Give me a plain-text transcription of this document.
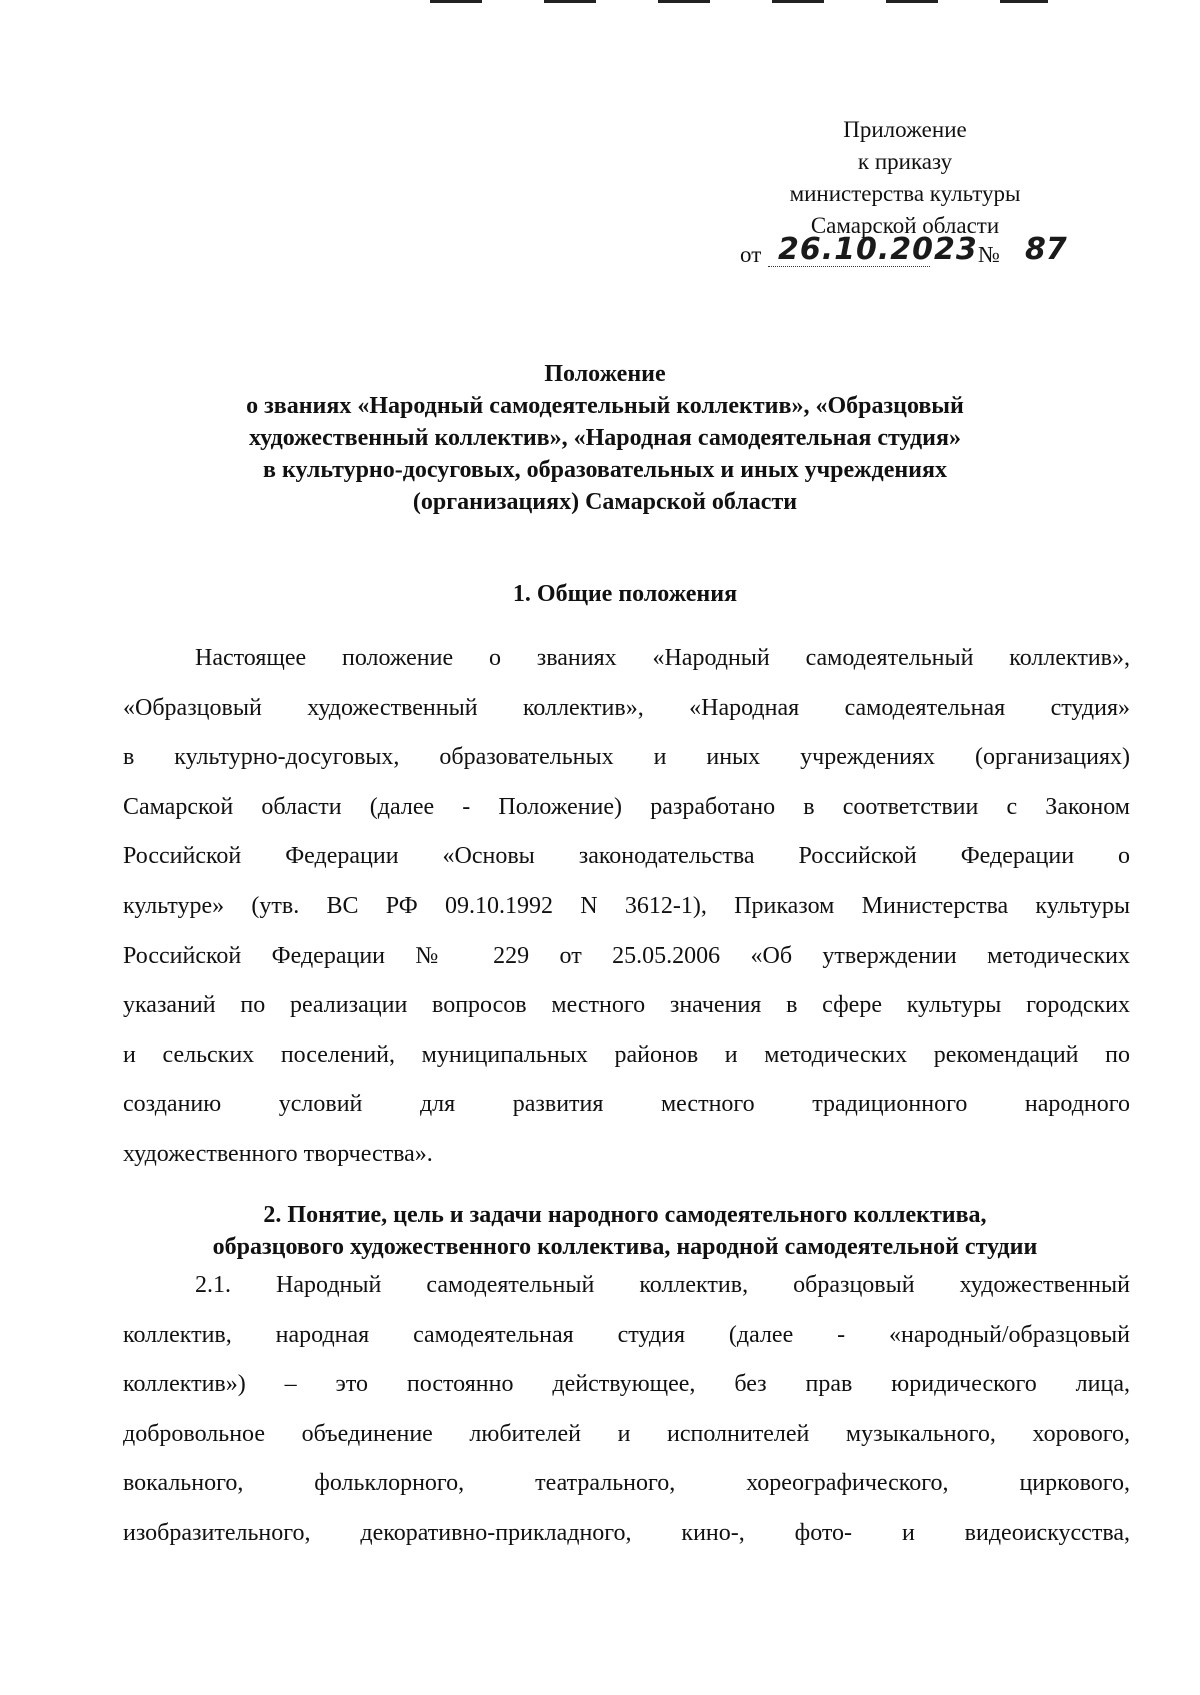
Приложение
к приказу
министерства культуры
Самарской области
от 26.10.2023 № 87
Положение
о званиях «Народный самодеятельный коллектив», «Образцовый
художественный коллектив», «Народная самодеятельная студия»
в культурно-досуговых, образовательных и иных учреждениях
(организациях) Самарской области
1. Общие положения
Настоящее положение о званиях «Народный самодеятельный коллектив»,
«Образцовый художественный коллектив», «Народная самодеятельная студия»
в культурно-досуговых, образовательных и иных учреждениях (организациях)
Самарской области (далее - Положение) разработано в соответствии с Законом
Российской Федерации «Основы законодательства Российской Федерации о
культуре» (утв. ВС РФ 09.10.1992 N 3612-1), Приказом Министерства культуры
Российской Федерации № 229 от 25.05.2006 «Об утверждении методических
указаний по реализации вопросов местного значения в сфере культуры городских
и сельских поселений, муниципальных районов и методических рекомендаций по
созданию условий для развития местного традиционного народного
художественного творчества».
2. Понятие, цель и задачи народного самодеятельного коллектива,
образцового художественного коллектива, народной самодеятельной студии
2.1. Народный самодеятельный коллектив, образцовый художественный
коллектив, народная самодеятельная студия (далее - «народный/образцовый
коллектив») – это постоянно действующее, без прав юридического лица,
добровольное объединение любителей и исполнителей музыкального, хорового,
вокального, фольклорного, театрального, хореографического, циркового,
изобразительного, декоративно-прикладного, кино-, фото- и видеоискусства,
